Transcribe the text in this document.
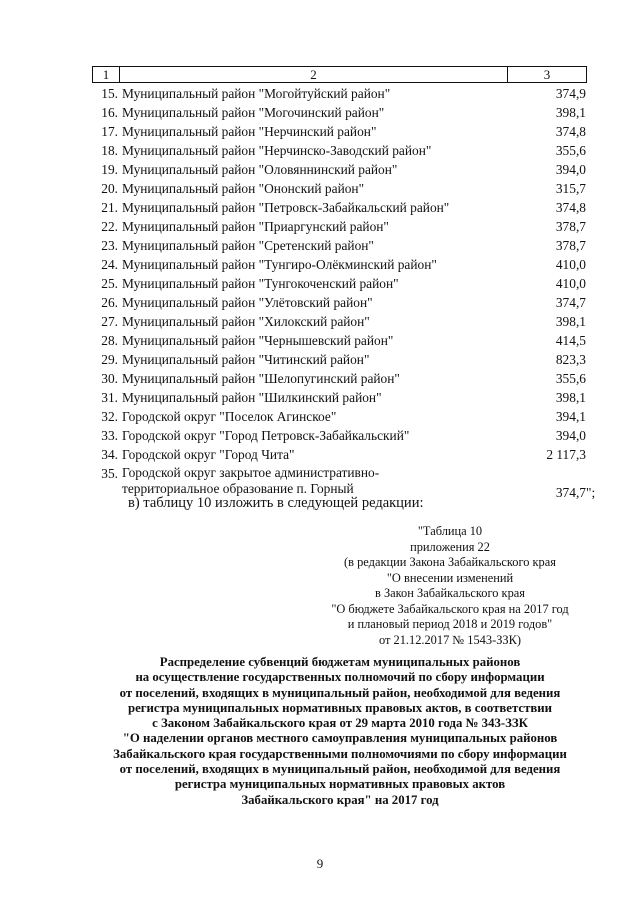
1	2	3
15. Муниципальный район "Могойтуйский район"	374,9
16. Муниципальный район "Могочинский район"	398,1
17. Муниципальный район "Нерчинский район"	374,8
18. Муниципальный район "Нерчинско-Заводский район"	355,6
19. Муниципальный район "Оловяннинский район"	394,0
20. Муниципальный район "Ононский район"	315,7
21. Муниципальный район "Петровск-Забайкальский район"	374,8
22. Муниципальный район "Приаргунский район"	378,7
23. Муниципальный район "Сретенский район"	378,7
24. Муниципальный район "Тунгиро-Олёкминский район"	410,0
25. Муниципальный район "Тунгокоченский район"	410,0
26. Муниципальный район "Улётовский район"	374,7
27. Муниципальный район "Хилокский район"	398,1
28. Муниципальный район "Чернышевский район"	414,5
29. Муниципальный район "Читинский район"	823,3
30. Муниципальный район "Шелопугинский район"	355,6
31. Муниципальный район "Шилкинский район"	398,1
32. Городской округ "Поселок Агинское"	394,1
33. Городской округ "Город Петровск-Забайкальский"	394,0
34. Городской округ "Город Чита"	2 117,3
35. Городской округ закрытое административно-
территориальное образование п. Горный	374,7 ";
в) таблицу 10 изложить в следующей редакции:
"Таблица 10
приложения 22
(в редакции Закона Забайкальского края
"О внесении изменений
в Закон Забайкальского края
"О бюджете Забайкальского края на 2017 год
и плановый период 2018 и 2019 годов"
от 21.12.2017 № 1543-ЗЗК)
Распределение субвенций бюджетам муниципальных районов
на осуществление государственных полномочий по сбору информации
от поселений, входящих в муниципальный район, необходимой для ведения
регистра муниципальных нормативных правовых актов, в соответствии
с Законом Забайкальского края от 29 марта 2010 года № 343-ЗЗК
"О наделении органов местного самоуправления муниципальных районов
Забайкальского края государственными полномочиями по сбору информации
от поселений, входящих в муниципальный район, необходимой для ведения
регистра муниципальных нормативных правовых актов
Забайкальского края" на 2017 год
9
